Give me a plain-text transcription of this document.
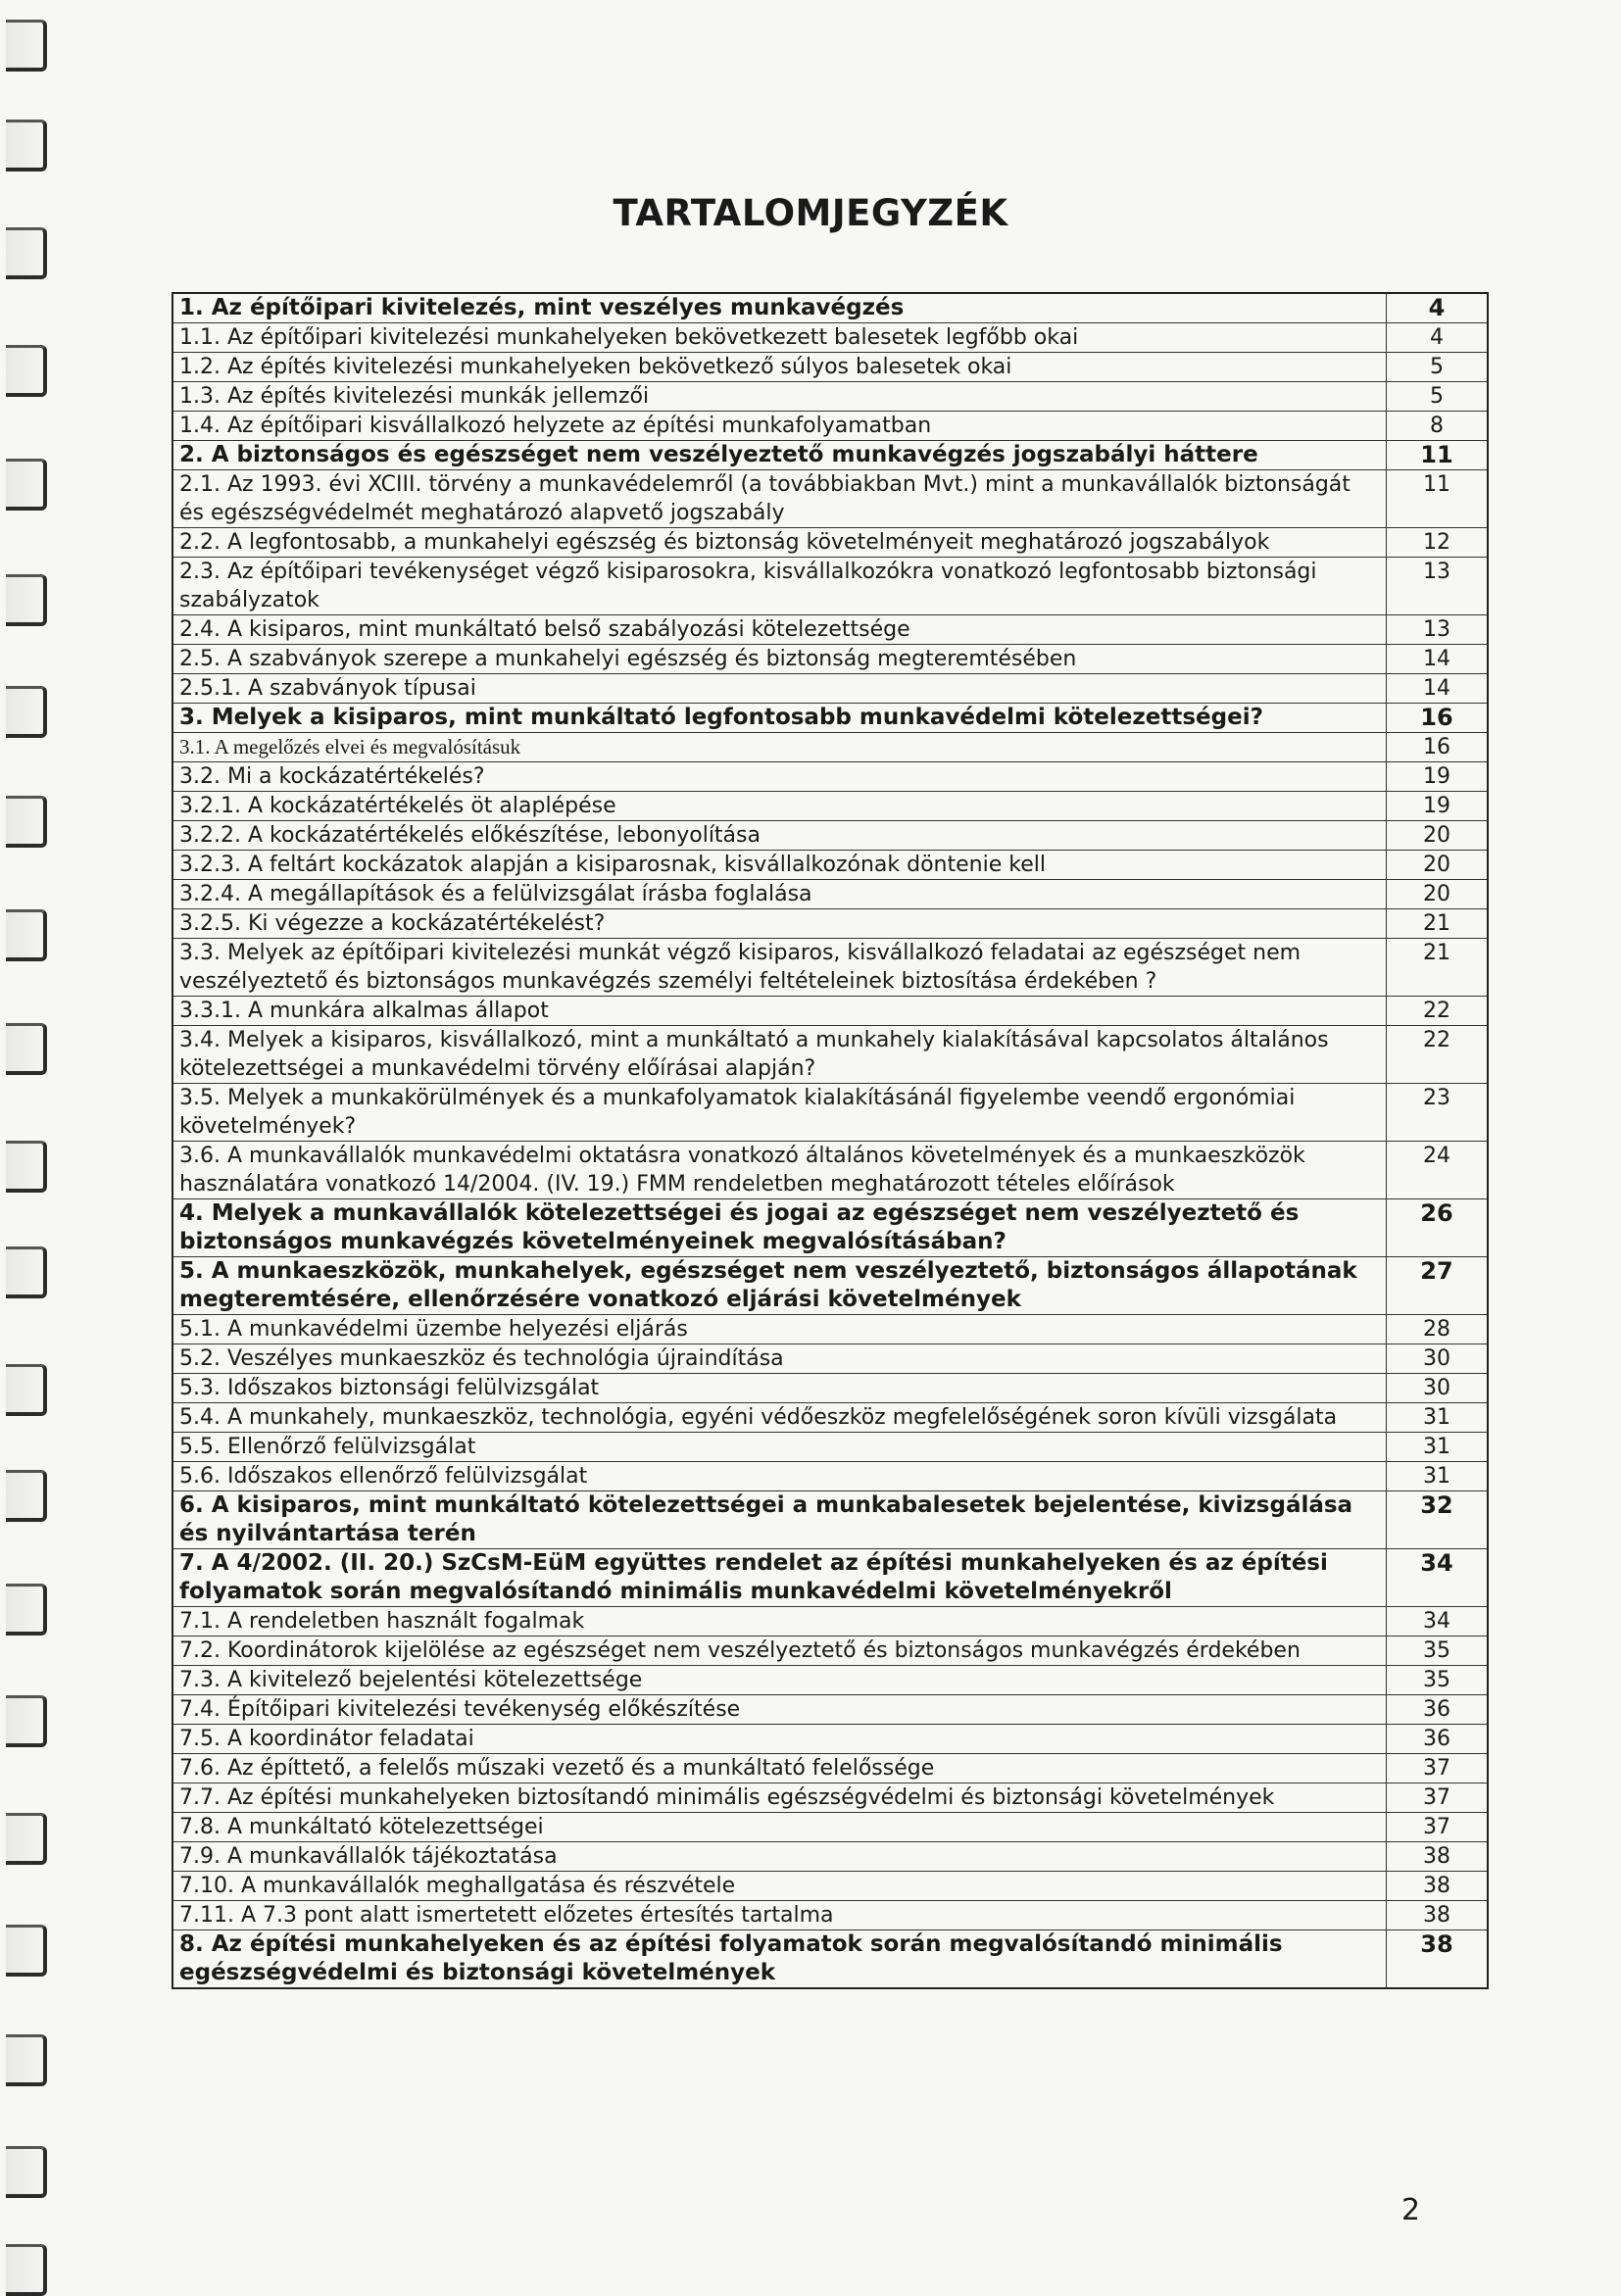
TARTALOMJEGYZÉK
1. Az építőipari kivitelezés, mint veszélyes munkavégzés	4
1.1. Az építőipari kivitelezési munkahelyeken bekövetkezett balesetek legfőbb okai	4
1.2. Az építés kivitelezési munkahelyeken bekövetkező súlyos balesetek okai	5
1.3. Az építés kivitelezési munkák jellemzői	5
1.4. Az építőipari kisvállalkozó helyzete az építési munkafolyamatban	8
2. A biztonságos és egészséget nem veszélyeztető munkavégzés jogszabályi háttere	11
2.1. Az 1993. évi XCIII. törvény a munkavédelemről (a továbbiakban Mvt.) mint a munkavállalók biztonságát és egészségvédelmét meghatározó alapvető jogszabály	11
2.2. A legfontosabb, a munkahelyi egészség és biztonság követelményeit meghatározó jogszabályok	12
2.3. Az építőipari tevékenységet végző kisiparosokra, kisvállalkozókra vonatkozó legfontosabb biztonsági szabályzatok	13
2.4. A kisiparos, mint munkáltató belső szabályozási kötelezettsége	13
2.5. A szabványok szerepe a munkahelyi egészség és biztonság megteremtésében	14
2.5.1. A szabványok típusai	14
3. Melyek a kisiparos, mint munkáltató legfontosabb munkavédelmi kötelezettségei?	16
3.1. A megelőzés elvei és megvalósításuk	16
3.2. Mi a kockázatértékelés?	19
3.2.1. A kockázatértékelés öt alaplépése	19
3.2.2. A kockázatértékelés előkészítése, lebonyolítása	20
3.2.3. A feltárt kockázatok alapján a kisiparosnak, kisvállalkozónak döntenie kell	20
3.2.4. A megállapítások és a felülvizsgálat írásba foglalása	20
3.2.5. Ki végezze a kockázatértékelést?	21
3.3. Melyek az építőipari kivitelezési munkát végző kisiparos, kisvállalkozó feladatai az egészséget nem veszélyeztető és biztonságos munkavégzés személyi feltételeinek biztosítása érdekében ?	21
3.3.1. A munkára alkalmas állapot	22
3.4. Melyek a kisiparos, kisvállalkozó, mint a munkáltató a munkahely kialakításával kapcsolatos általános kötelezettségei a munkavédelmi törvény előírásai alapján?	22
3.5. Melyek a munkakörülmények és a munkafolyamatok kialakításánál figyelembe veendő ergonómiai követelmények?	23
3.6. A munkavállalók munkavédelmi oktatásra vonatkozó általános követelmények és a munkaeszközök használatára vonatkozó 14/2004. (IV. 19.) FMM rendeletben meghatározott tételes előírások	24
4. Melyek a munkavállalók kötelezettségei és jogai az egészséget nem veszélyeztető és biztonságos munkavégzés követelményeinek megvalósításában?	26
5. A munkaeszközök, munkahelyek, egészséget nem veszélyeztető, biztonságos állapotának megteremtésére, ellenőrzésére vonatkozó eljárási követelmények	27
5.1. A munkavédelmi üzembe helyezési eljárás	28
5.2. Veszélyes munkaeszköz és technológia újraindítása	30
5.3. Időszakos biztonsági felülvizsgálat	30
5.4. A munkahely, munkaeszköz, technológia, egyéni védőeszköz megfelelőségének soron kívüli vizsgálata	31
5.5. Ellenőrző felülvizsgálat	31
5.6. Időszakos ellenőrző felülvizsgálat	31
6. A kisiparos, mint munkáltató kötelezettségei a munkabalesetek bejelentése, kivizsgálása és nyilvántartása terén	32
7. A 4/2002. (II. 20.) SzCsM-EüM együttes rendelet az építési munkahelyeken és az építési folyamatok során megvalósítandó minimális munkavédelmi követelményekről	34
7.1. A rendeletben használt fogalmak	34
7.2. Koordinátorok kijelölése az egészséget nem veszélyeztető és biztonságos munkavégzés érdekében	35
7.3. A kivitelező bejelentési kötelezettsége	35
7.4. Építőipari kivitelezési tevékenység előkészítése	36
7.5. A koordinátor feladatai	36
7.6. Az építtető, a felelős műszaki vezető és a munkáltató felelőssége	37
7.7. Az építési munkahelyeken biztosítandó minimális egészségvédelmi és biztonsági követelmények	37
7.8. A munkáltató kötelezettségei	37
7.9. A munkavállalók tájékoztatása	38
7.10. A munkavállalók meghallgatása és részvétele	38
7.11. A 7.3 pont alatt ismertetett előzetes értesítés tartalma	38
8. Az építési munkahelyeken és az építési folyamatok során megvalósítandó minimális egészségvédelmi és biztonsági követelmények	38
2
